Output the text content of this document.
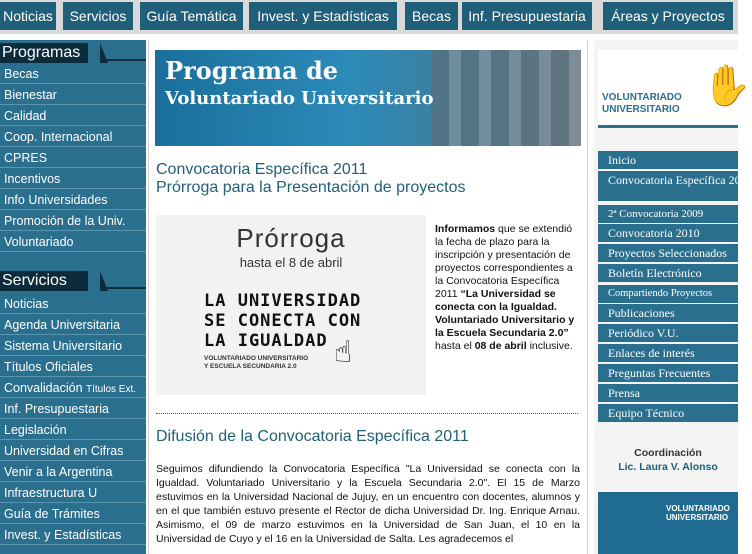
Noticias	Servicios	Guía Temática	Invest. y Estadísticas	Becas	Inf. Presupuestaria	Áreas y Proyectos
Programas
Becas
Bienestar
Calidad
Coop. Internacional
CPRES
Incentivos
Info Universidades
Promoción de la Univ.
Voluntariado
Servicios
Noticias
Agenda Universitaria
Sistema Universitario
Títulos Oficiales
Convalidación Títulos Ext.
Inf. Presupuestaria
Legislación
Universidad en Cifras
Venir a la Argentina
Infraestructura U
Guía de Trámites
Invest. y Estadísticas
Programa de
Voluntariado Universitario
Convocatoria Específica 2011
Prórroga para la Presentación de proyectos
Prórroga
hasta el 8 de abril
LA UNIVERSIDAD
SE CONECTA CON
LA IGUALDAD
VOLUNTARIADO UNIVERSITARIO
Y ESCUELA SECUNDARIA 2.0	☝
Informamos que se extendió la fecha de plazo para la inscripción y presentación de proyectos correspondientes a la Convocatoria Específica 2011 “La Universidad se conecta con la Igualdad. Voluntariado Universitario y la Escuela Secundaria 2.0” hasta el 08 de abril inclusive.
Difusión de la Convocatoria Específica 2011
Seguimos difundiendo la Convocatoria Específica "La Universidad se conecta con la Igualdad. Voluntariado Universitario y la Escuela Secundaria 2.0". El 15 de Marzo estuvimos en la Universidad Nacional de Jujuy, en un encuentro con docentes, alumnos y en el que también estuvo presente el Rector de dicha Universidad Dr. Ing. Enrique Arnau. Asimismo, el 09 de marzo estuvimos en la Universidad de San Juan, el 10 en la Universidad de Cuyo y el 16 en la Universidad de Salta. Les agradecemos el
VOLUNTARIADO
UNIVERSITARIO
✋
Inicio
Convocatoria Específica 2011
2ª Convocatoria 2009
Convocatoria 2010
Proyectos Seleccionados
Boletín Electrónico
Compartiendo Proyectos
Publicaciones
Periódico V.U.
Enlaces de interés
Preguntas Frecuentes
Prensa
Equipo Técnico
Coordinación
Lic. Laura V. Alonso
VOLUNTARIADO
UNIVERSITARIO
